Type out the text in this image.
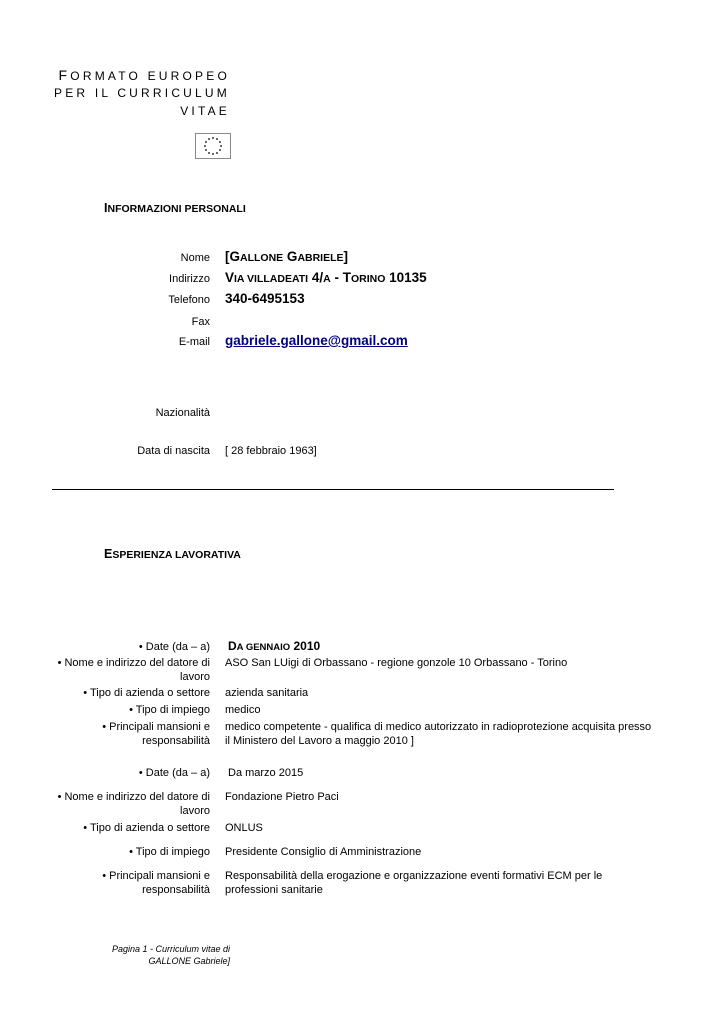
FORMATO EUROPEO
PER IL CURRICULUM
VITAE
INFORMAZIONI PERSONALI
Nome [GALLONE GABRIELE]
Indirizzo VIA VILLADEATI 4/A - TORINO 10135
Telefono 340-6495153
Fax
E-mail gabriele.gallone@gmail.com
Nazionalità
Data di nascita [ 28 febbraio 1963]
ESPERIENZA LAVORATIVA
• Date (da – a) DA GENNAIO 2010
• Nome e indirizzo del datore di
lavoro
ASO San LUigi di Orbassano - regione gonzole 10 Orbassano - Torino
• Tipo di azienda o settore azienda sanitaria
• Tipo di impiego medico
• Principali mansioni e
responsabilità
medico competente - qualifica di medico autorizzato in radioprotezione acquisita presso
il Ministero del Lavoro a maggio 2010 ]
• Date (da – a) Da marzo 2015
• Nome e indirizzo del datore di
lavoro
Fondazione Pietro Paci
• Tipo di azienda o settore ONLUS
• Tipo di impiego Presidente Consiglio di Amministrazione
• Principali mansioni e
responsabilità
Responsabilità della erogazione e organizzazione eventi formativi ECM per le
professioni sanitarie
Pagina 1 - Curriculum vitae di
GALLONE Gabriele]
